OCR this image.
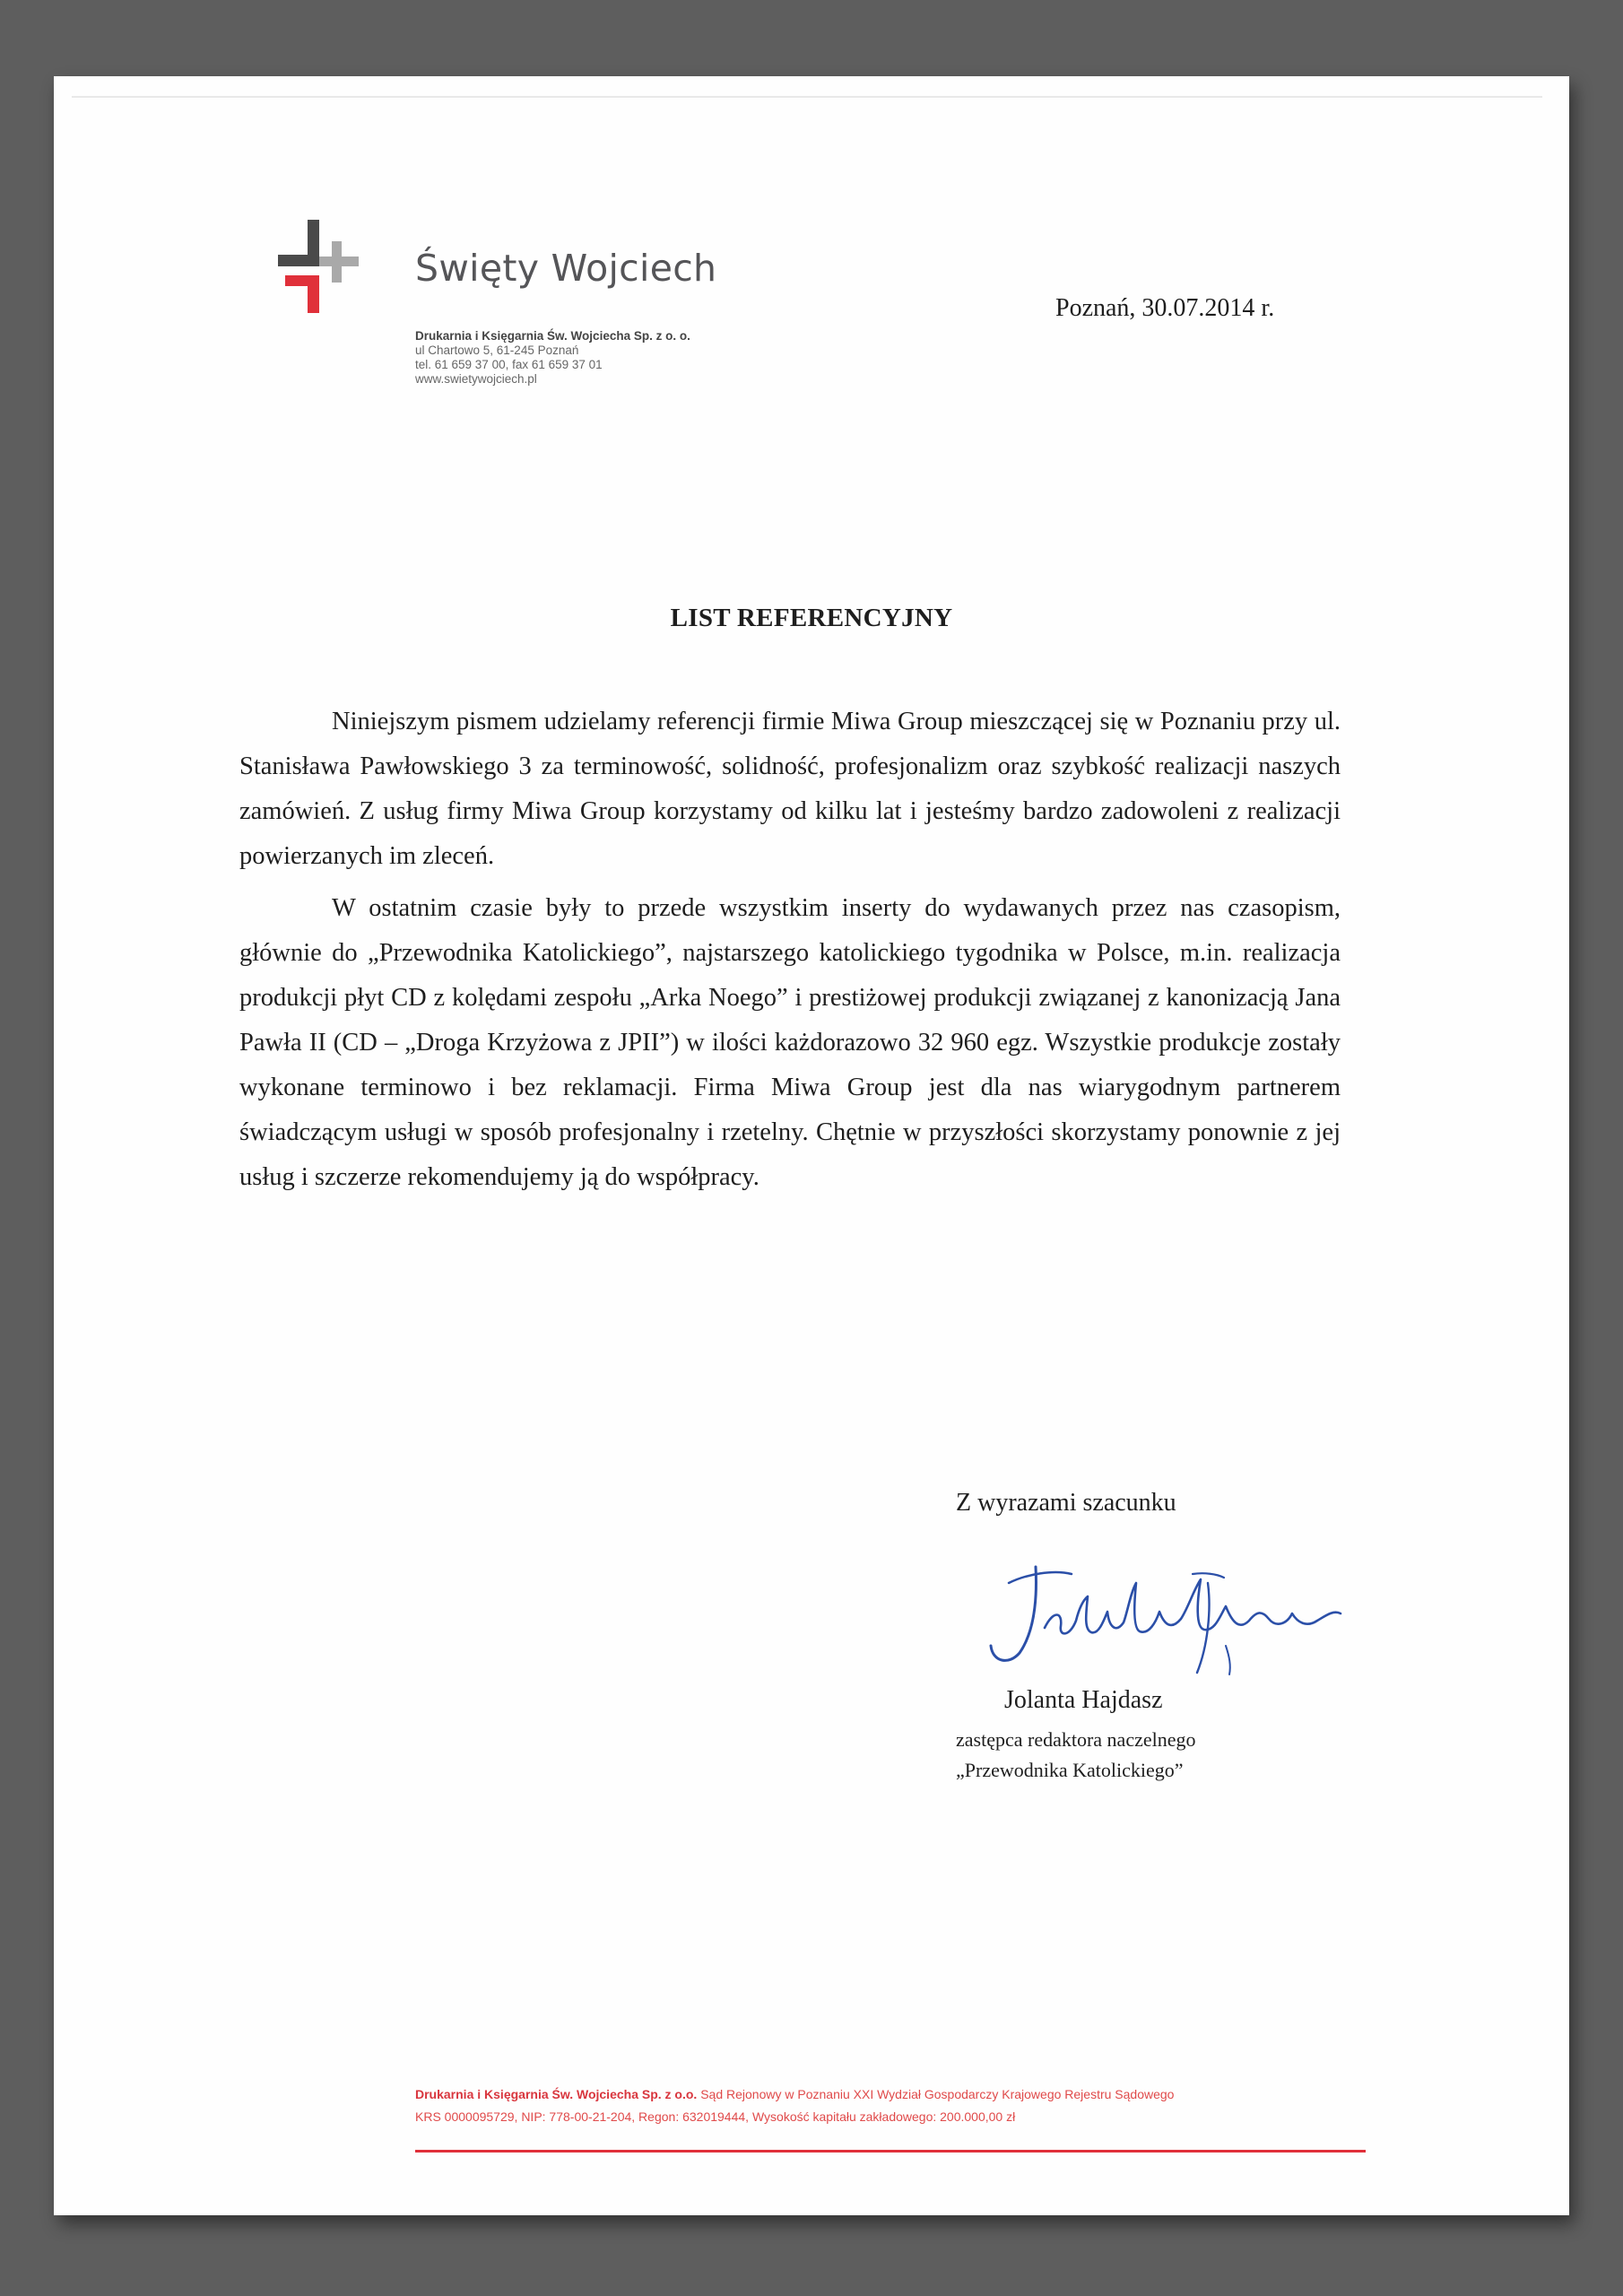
Święty Wojciech
Drukarnia i Księgarnia Św. Wojciecha Sp. z o. o.
ul Chartowo 5, 61-245 Poznań
tel. 61 659 37 00, fax 61 659 37 01
www.swietywojciech.pl
Poznań, 30.07.2014 r.
LIST REFERENCYJNY

Niniejszym pismem udzielamy referencji firmie Miwa Group mieszczącej się w Poznaniu przy ul. Stanisława Pawłowskiego 3 za terminowość, solidność, profesjonalizm oraz szybkość realizacji naszych zamówień. Z usług firmy Miwa Group korzystamy od kilku lat i jesteśmy bardzo zadowoleni z realizacji powierzanych im zleceń.

W ostatnim czasie były to przede wszystkim inserty do wydawanych przez nas czasopism, głównie do „Przewodnika Katolickiego”, najstarszego katolickiego tygodnika w Polsce, m.in. realizacja produkcji płyt CD z kolędami zespołu „Arka Noego” i prestiżowej produkcji związanej z kanonizacją Jana Pawła II (CD – „Droga Krzyżowa z JPII”) w ilości każdorazowo 32 960 egz. Wszystkie produkcje zostały wykonane terminowo i bez reklamacji. Firma Miwa Group jest dla nas wiarygodnym partnerem świadczącym usługi w sposób profesjonalny i rzetelny. Chętnie w przyszłości skorzystamy ponownie z jej usług i szczerze rekomendujemy ją do współpracy.

Z wyrazami szacunku
Jolanta Hajdasz
zastępca redaktora naczelnego
„Przewodnika Katolickiego”
Drukarnia i Księgarnia Św. Wojciecha Sp. z o.o. Sąd Rejonowy w Poznaniu XXI Wydział Gospodarczy Krajowego Rejestru Sądowego
KRS 0000095729, NIP: 778-00-21-204, Regon: 632019444, Wysokość kapitału zakładowego: 200.000,00 zł
